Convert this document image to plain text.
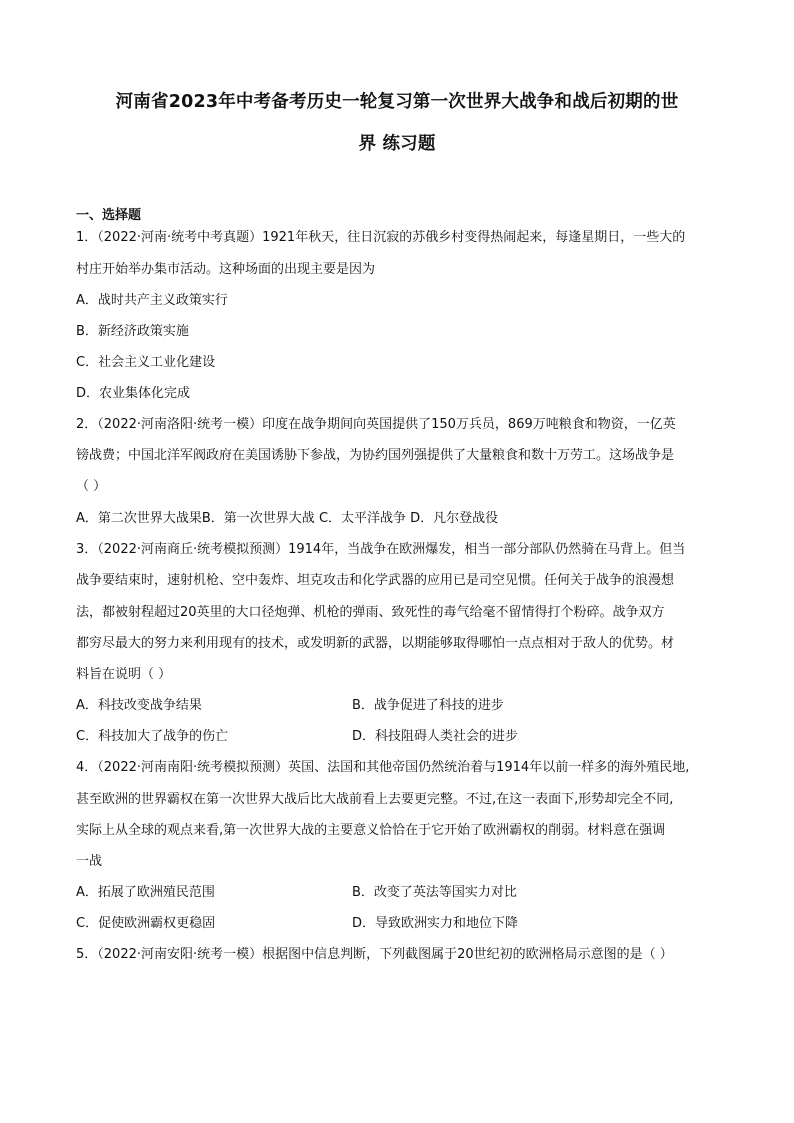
河南省2023年中考备考历史一轮复习第一次世界大战争和战后初期的世
界 练习题
一、选择题
1．（2022·河南·统考中考真题）1921年秋天，往日沉寂的苏俄乡村变得热闹起来，每逢星期日，一些大的
村庄开始举办集市活动。这种场面的出现主要是因为
A．战时共产主义政策实行
B．新经济政策实施
C．社会主义工业化建设
D．农业集体化完成
2．（2022·河南洛阳·统考一模）印度在战争期间向英国提供了150万兵员，869万吨粮食和物资，一亿英
镑战费；中国北洋军阀政府在美国诱胁下参战，为协约国列强提供了大量粮食和数十万劳工。这场战争是
（ ）
A．第二次世界大战果B．第一次世界大战 C．太平洋战争 D．凡尔登战役
3．（2022·河南商丘·统考模拟预测）1914年，当战争在欧洲爆发，相当一部分部队仍然骑在马背上。但当
战争要结束时，速射机枪、空中轰炸、坦克攻击和化学武器的应用已是司空见惯。任何关于战争的浪漫想
法，都被射程超过20英里的大口径炮弹、机枪的弹雨、致死性的毒气给毫不留情得打个粉碎。战争双方
都穷尽最大的努力来利用现有的技术，或发明新的武器，以期能够取得哪怕一点点相对于敌人的优势。材
料旨在说明（ ）
A．科技改变战争结果	B．战争促进了科技的进步
C．科技加大了战争的伤亡	D．科技阻碍人类社会的进步
4．（2022·河南南阳·统考模拟预测）英国、法国和其他帝国仍然统治着与1914年以前一样多的海外殖民地,
甚至欧洲的世界霸权在第一次世界大战后比大战前看上去要更完整。不过,在这一表面下,形势却完全不同,
实际上从全球的观点来看,第一次世界大战的主要意义恰恰在于它开始了欧洲霸权的削弱。材料意在强调
一战
A．拓展了欧洲殖民范围	B．改变了英法等国实力对比
C．促使欧洲霸权更稳固	D．导致欧洲实力和地位下降
5．（2022·河南安阳·统考一模）根据图中信息判断，下列截图属于20世纪初的欧洲格局示意图的是（ ）
